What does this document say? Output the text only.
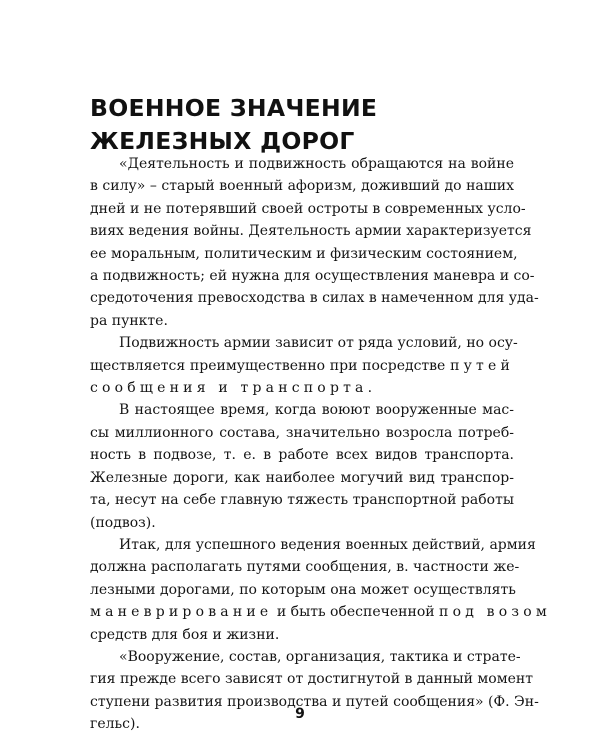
ВОЕННОЕ ЗНАЧЕНИЕ
ЖЕЛЕЗНЫХ ДОРОГ
«Деятельность и подвижность обращаются на войне
в силу» – старый военный афоризм, доживший до наших
дней и не потерявший своей остроты в современных усло-
виях ведения войны. Деятельность армии характеризуется
ее моральным, политическим и физическим состоянием,
а подвижность; ей нужна для осуществления маневра и со-
средоточения превосходства в силах в намеченном для уда-
ра пункте.
Подвижность армии зависит от ряда условий, но осу-
ществляется преимущественно при посредстве путей
сообщения и транспорта.
В настоящее время, когда воюют вооруженные мас-
сы миллионного состава, значительно возросла потреб-
ность в подвозе, т. е. в работе всех видов транспорта.
Железные дороги, как наиболее могучий вид транспор-
та, несут на себе главную тяжесть транспортной работы
(подвоз).
Итак, для успешного ведения военных действий, армия
должна располагать путями сообщения, в. частности же-
лезными дорогами, по которым она может осуществлять
маневрирование и быть обеспеченной под возом
средств для боя и жизни.
«Вооружение, состав, организация, тактика и страте-
гия прежде всего зависят от достигнутой в данный момент
ступени развития производства и путей сообщения» (Ф. Эн-
гельс).
9
